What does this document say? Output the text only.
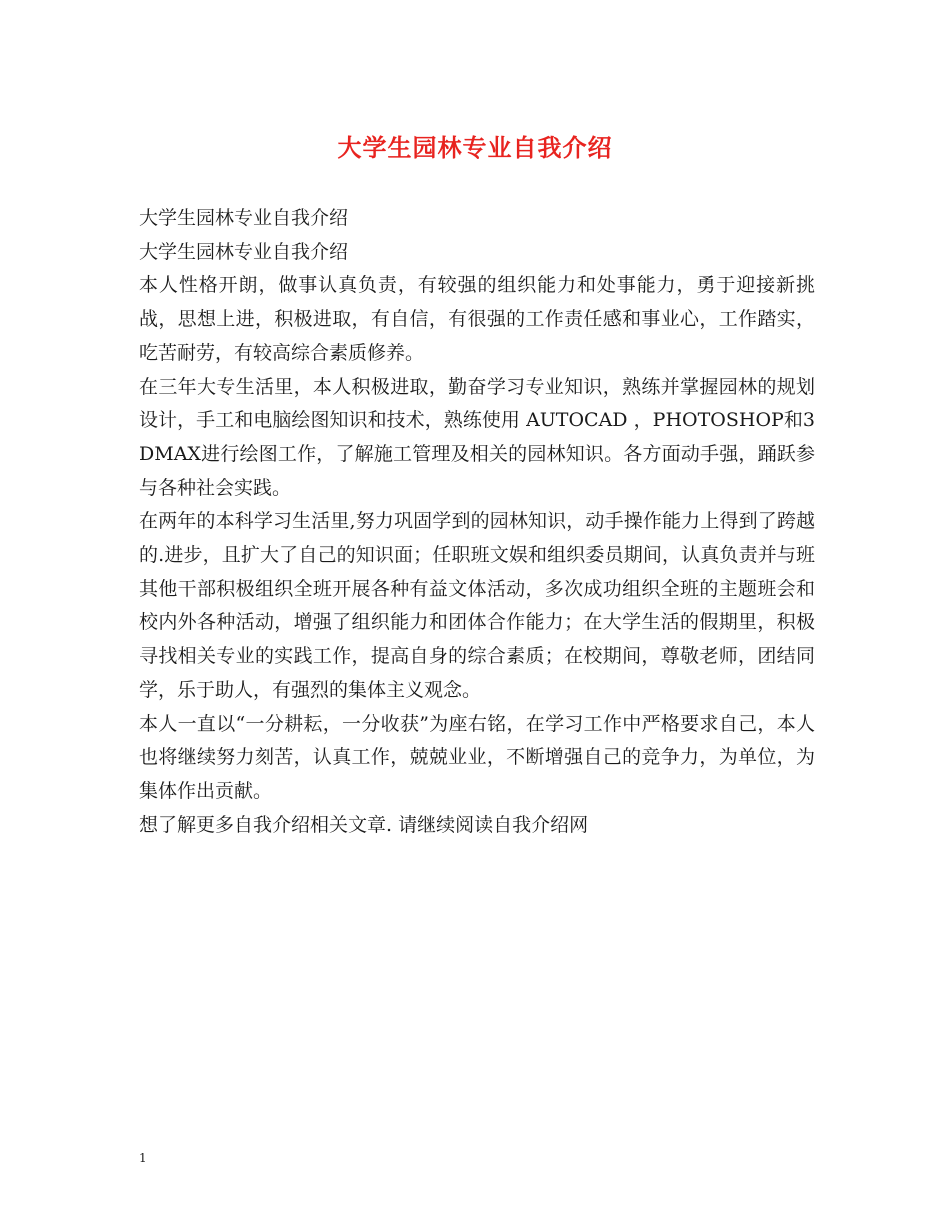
大学生园林专业自我介绍

大学生园林专业自我介绍

大学生园林专业自我介绍

本人性格开朗，做事认真负责，有较强的组织能力和处事能力，勇于迎接新挑战，思想上进，积极进取，有自信，有很强的工作责任感和事业心，工作踏实，吃苦耐劳，有较高综合素质修养。

在三年大专生活里，本人积极进取，勤奋学习专业知识，熟练并掌握园林的规划设计，手工和电脑绘图知识和技术，熟练使用 AUTOCAD ，PHOTOSHOP和3DMAX进行绘图工作，了解施工管理及相关的园林知识。各方面动手强，踊跃参与各种社会实践。

在两年的本科学习生活里,努力巩固学到的园林知识，动手操作能力上得到了跨越的.进步，且扩大了自己的知识面；任职班文娱和组织委员期间，认真负责并与班其他干部积极组织全班开展各种有益文体活动，多次成功组织全班的主题班会和校内外各种活动，增强了组织能力和团体合作能力；在大学生活的假期里，积极寻找相关专业的实践工作，提高自身的综合素质；在校期间，尊敬老师，团结同学，乐于助人，有强烈的集体主义观念。

本人一直以“一分耕耘，一分收获”为座右铭，在学习工作中严格要求自己，本人也将继续努力刻苦，认真工作，兢兢业业，不断增强自己的竞争力，为单位，为集体作出贡献。

想了解更多自我介绍相关文章. 请继续阅读自我介绍网

1
